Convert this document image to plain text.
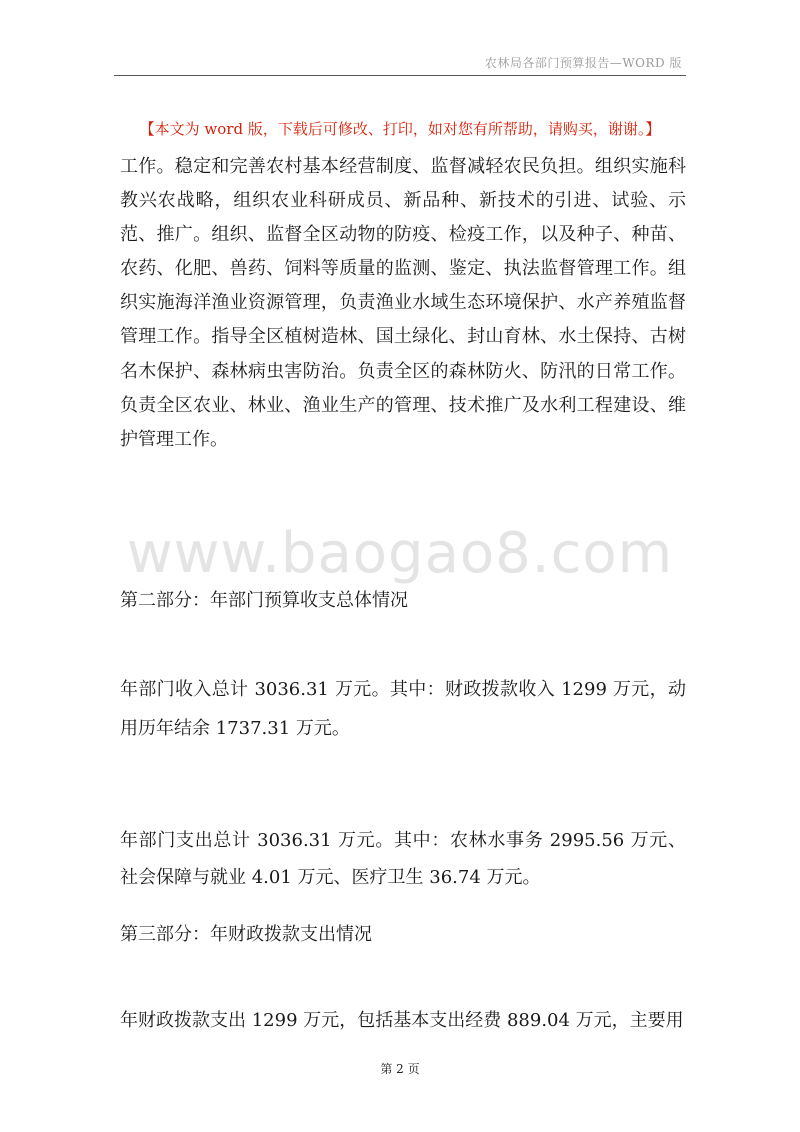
农林局各部门预算报告—WORD 版
【本文为 word 版，下载后可修改、打印，如对您有所帮助，请购买，谢谢。】

工作。稳定和完善农村基本经营制度、监督减轻农民负担。组织实施科教兴农战略，组织农业科研成员、新品种、新技术的引进、试验、示范、推广。组织、监督全区动物的防疫、检疫工作，以及种子、种苗、农药、化肥、兽药、饲料等质量的监测、鉴定、执法监督管理工作。组织实施海洋渔业资源管理，负责渔业水域生态环境保护、水产养殖监督管理工作。指导全区植树造林、国土绿化、封山育林、水土保持、古树名木保护、森林病虫害防治。负责全区的森林防火、防汛的日常工作。负责全区农业、林业、渔业生产的管理、技术推广及水利工程建设、维护管理工作。

www.baogao8.com

第二部分：年部门预算收支总体情况

年部门收入总计 3036.31 万元。其中：财政拨款收入 1299 万元，动用历年结余 1737.31 万元。

年部门支出总计 3036.31 万元。其中：农林水事务 2995.56 万元、社会保障与就业 4.01 万元、医疗卫生 36.74 万元。

第三部分：年财政拨款支出情况

年财政拨款支出 1299 万元，包括基本支出经费 889.04 万元，主要用

第 2 页
